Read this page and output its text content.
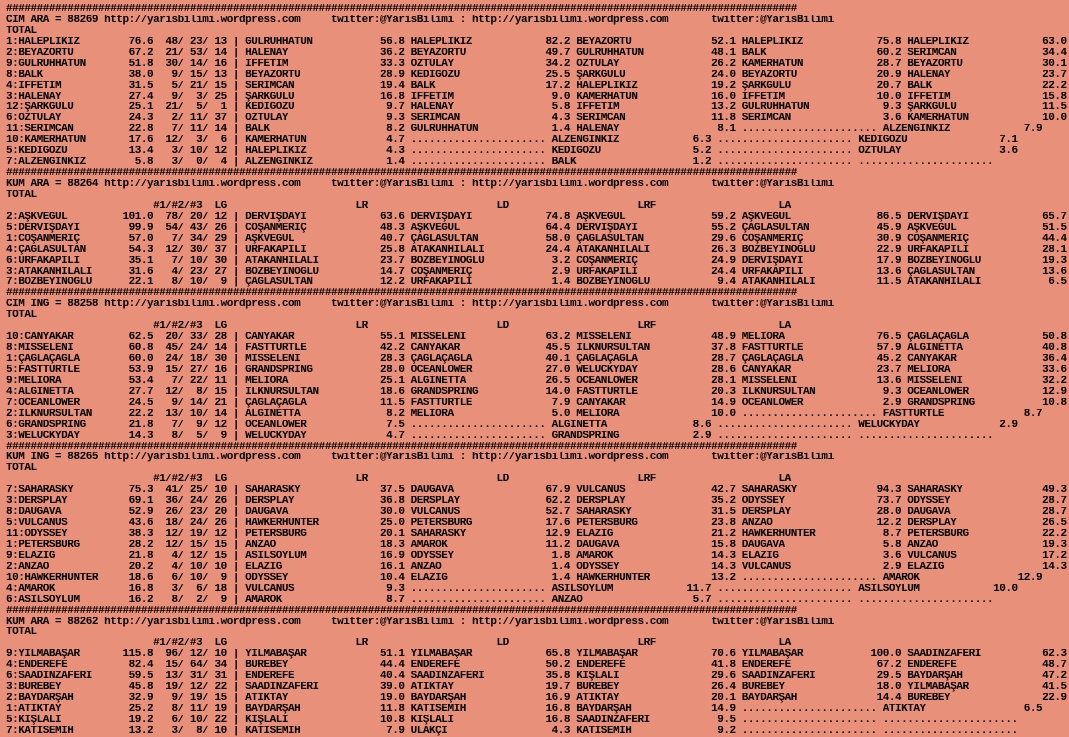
#################################################################################################################################
CIM ARA = 88269 http://yarisbilimi.wordpress.com     twitter:@YarisBilimi : http://yarisbilimi.wordpress.com       twitter:@YarisBilimi
TOTAL
1:HALEPLİKIZ        76.6  48/ 23/ 13 | GÜLRUHHATUN           56.8 HALEPLİKIZ            82.2 BEYAZÖRTÜ             52.1 HALEPLİKIZ            75.8 HALEPLİKIZ            63.0
2:BEYAZÖRTÜ         67.2  21/ 53/ 14 | HALENAY               36.2 BEYAZÖRTÜ             49.7 GÜLRUHHATUN           48.1 BALK                  60.2 SERİMCAN              34.4
9:GÜLRUHHATUN       51.8  30/ 14/ 16 | İFFETİM               33.3 ÖZTÜLAY               34.2 ÖZTÜLAY               26.2 KAMERHATUN            28.7 BEYAZÖRTÜ             30.1
8:BALK              38.0   9/ 15/ 13 | BEYAZÖRTÜ             28.9 KEDİGÖZÜ              25.5 ŞARKGÜLÜ              24.0 BEYAZÖRTÜ             20.9 HALENAY               23.7
4:İFFETİM           31.5   5/ 21/ 15 | SERİMCAN              19.4 BALK                  17.2 HALEPLİKIZ            19.2 ŞARKGÜLÜ              20.7 BALK                  22.2
3:HALENAY           27.4   9/  3/ 25 | ŞARKGÜLÜ              16.8 İFFETİM                9.0 KAMERHATUN            16.0 İFFETİM               10.0 İFFETİM               15.8
12:ŞARKGÜLÜ         25.1  21/  5/  1 | KEDİGÖZÜ               9.7 HALENAY                5.8 İFFETİM               13.2 GÜLRUHHATUN            9.3 ŞARKGÜLÜ              11.5
6:ÖZTÜLAY           24.3   2/ 11/ 37 | ÖZTÜLAY                9.3 SERİMCAN               4.3 SERİMCAN              11.8 SERİMCAN               3.6 KAMERHATUN            10.0
11:SERİMCAN         22.8   7/ 11/ 14 | BALK                   8.2 GÜLRUHHATUN            1.4 HALENAY                8.1 ...................... ALZENGİNKIZ            7.9
10:KAMERHATUN       17.6  12/  3/  6 | KAMERHATUN             4.7 ...................... ALZENGİNKIZ            6.3 ...................... KEDİGÖZÜ               7.1
5:KEDİGÖZÜ          13.4   3/ 10/ 12 | HALEPLİKIZ             4.3 ...................... KEDİGÖZÜ               5.2 ...................... ÖZTÜLAY                3.6
7:ALZENGİNKIZ        5.8   3/  0/  4 | ALZENGİNKIZ            1.4 ...................... BALK                   1.2 ...................... ......................
#################################################################################################################################
KUM ARA = 88264 http://yarisbilimi.wordpress.com     twitter:@YarisBilimi : http://yarisbilimi.wordpress.com       twitter:@YarisBilimi
TOTAL
#1/#2/#3  LG                     LR                     LD                     LRF                    LA
2:AŞKVEGÜL         101.0  78/ 20/ 12 | DERVİŞDAYI            63.6 DERVİŞDAYI            74.8 AŞKVEGÜL              59.2 AŞKVEGÜL              86.5 DERVİŞDAYI            65.7
5:DERVİŞDAYI        99.9  54/ 43/ 26 | COŞANMERİÇ            48.3 AŞKVEGÜL              64.4 DERVİŞDAYI            55.2 ÇAĞLASULTAN           45.9 AŞKVEGÜL              51.5
1:COŞANMERİÇ        57.0   7/ 34/ 29 | AŞKVEGÜL              40.7 ÇAĞLASULTAN           58.0 ÇAĞLASULTAN           29.6 COŞANMERİÇ            30.9 COŞANMERİÇ            44.4
4:ÇAĞLASULTAN       54.3  12/ 30/ 37 | URFAKAPILI            25.8 ATAKANHİLALİ          24.4 ATAKANHİLALİ          26.3 BOZBEYİNOĞLU          22.9 URFAKAPILI            28.1
6:URFAKAPILI        35.1   7/ 10/ 30 | ATAKANHİLALİ          23.7 BOZBEYİNOĞLU           3.2 COŞANMERİÇ            24.9 DERVİŞDAYI            17.9 BOZBEYİNOĞLU          19.3
3:ATAKANHİLALİ      31.6   4/ 23/ 27 | BOZBEYİNOĞLU          14.7 COŞANMERİÇ             2.9 URFAKAPILI            24.4 URFAKAPILI            13.6 ÇAĞLASULTAN           13.6
7:BOZBEYİNOĞLU      22.1   8/ 10/  9 | ÇAĞLASULTAN           12.2 URFAKAPILI             1.4 BOZBEYİNOĞLU           9.4 ATAKANHİLALİ          11.5 ATAKANHİLALİ           6.5
#################################################################################################################################
CIM ING = 88258 http://yarisbilimi.wordpress.com     twitter:@YarisBilimi : http://yarisbilimi.wordpress.com       twitter:@YarisBilimi
TOTAL
#1/#2/#3  LG                     LR                     LD                     LRF                    LA
10:CANYAKAR         62.5  20/ 33/ 28 | CANYAKAR              55.1 MISSELENI             63.2 MISSELENI             48.9 MELIORA               76.5 ÇAĞLAÇAĞLA            50.8
8:MISSELENI         60.8  45/ 24/ 14 | FASTTURTLE            42.2 CANYAKAR              45.5 İLKNURSULTAN          37.8 FASTTURTLE            57.9 ALGINETTA             40.8
1:ÇAĞLAÇAĞLA        60.0  24/ 18/ 30 | MISSELENI             28.3 ÇAĞLAÇAĞLA            40.1 ÇAĞLAÇAĞLA            28.7 ÇAĞLAÇAĞLA            45.2 CANYAKAR              36.4
5:FASTTURTLE        53.9  15/ 27/ 16 | GRANDSPRING           28.0 OCEANLOWER            27.0 WELUCKYDAY            28.6 CANYAKAR              23.7 MELIORA               33.6
9:MELIORA           53.4   7/ 22/ 11 | MELIORA               25.1 ALGINETTA             26.5 OCEANLOWER            28.1 MISSELENI             13.6 MISSELENI             32.2
4:ALGINETTA         27.7  12/  8/ 15 | İLKNURSULTAN          18.6 GRANDSPRING           14.0 FASTTURTLE            20.3 İLKNURSULTAN           9.3 OCEANLOWER            12.9
7:OCEANLOWER        24.5   9/ 14/ 21 | ÇAĞLAÇAĞLA            11.5 FASTTURTLE             7.9 CANYAKAR              14.9 OCEANLOWER             2.9 GRANDSPRING           10.8
2:İLKNURSULTAN      22.2  13/ 10/ 14 | ALGINETTA              8.2 MELIORA                5.0 MELIORA               10.0 ...................... FASTTURTLE             8.7
6:GRANDSPRING       21.8   7/  9/ 12 | OCEANLOWER             7.5 ...................... ALGINETTA              8.6 ...................... WELUCKYDAY             2.9
3:WELUCKYDAY        14.3   8/  5/  9 | WELUCKYDAY             4.7 ...................... GRANDSPRING            2.9 ...................... ......................
#################################################################################################################################
KUM ING = 88265 http://yarisbilimi.wordpress.com     twitter:@YarisBilimi : http://yarisbilimi.wordpress.com       twitter:@YarisBilimi
TOTAL
#1/#2/#3  LG                     LR                     LD                     LRF                    LA
7:SAHARASKY         75.3  41/ 25/ 10 | SAHARASKY             37.5 DAUGAVA               67.9 VULCANUS              42.7 SAHARASKY             94.3 SAHARASKY             49.3
3:DERSPLAY          69.1  36/ 24/ 26 | DERSPLAY              36.8 DERSPLAY              62.2 DERSPLAY              35.2 ODYSSEY               73.7 ODYSSEY               28.7
8:DAUGAVA           52.9  26/ 23/ 20 | DAUGAVA               30.0 VULCANUS              52.7 SAHARASKY             31.5 DERSPLAY              28.0 DAUGAVA               28.7
5:VULCANUS          43.6  18/ 24/ 26 | HAWKERHUNTER          25.0 PETERSBURG            17.6 PETERSBURG            23.8 ANZAO                 12.2 DERSPLAY              26.5
11:ODYSSEY          38.3  12/ 19/ 12 | PETERSBURG            20.1 SAHARASKY             12.9 ELAZIĞ                21.2 HAWKERHUNTER           8.7 PETERSBURG            22.2
1:PETERSBURG        28.2  12/ 15/ 15 | ANZAO                 18.3 AMAROK                11.2 DAUGAVA               15.8 DAUGAVA                5.8 ANZAO                 19.3
9:ELAZIĞ            21.8   4/ 12/ 15 | ASİLSOYLUM            16.9 ODYSSEY                1.8 AMAROK                14.3 ELAZIĞ                 3.6 VULCANUS              17.2
2:ANZAO             20.2   4/ 10/ 10 | ELAZIĞ                16.1 ANZAO                  1.4 ODYSSEY               14.3 VULCANUS               2.9 ELAZIĞ                14.3
10:HAWKERHUNTER     18.6   6/ 10/  9 | ODYSSEY               10.4 ELAZIĞ                 1.4 HAWKERHUNTER          13.2 ...................... AMAROK                12.9
4:AMAROK            16.8   3/  6/ 18 | VULCANUS               9.3 ...................... ASİLSOYLUM            11.7 ...................... ASİLSOYLUM            10.0
6:ASİLSOYLUM        16.2   8/  2/  9 | AMAROK                 8.7 ...................... ANZAO                  5.7 ...................... ......................
#################################################################################################################################
KUM ARA = 88262 http://yarisbilimi.wordpress.com     twitter:@YarisBilimi : http://yarisbilimi.wordpress.com       twitter:@YarisBilimi
TOTAL
#1/#2/#3  LG                     LR                     LD                     LRF                    LA
9:YILMABAŞAR       115.8  96/ 12/ 10 | YILMABAŞAR            51.1 YILMABAŞAR            65.8 YILMABAŞAR            70.6 YILMABAŞAR           100.0 SAADİNZAFERİ          62.3
4:ENDEREFE          82.4  15/ 64/ 34 | BÜREBEY               44.4 ENDEREFE              50.2 ENDEREFE              41.8 ENDEREFE              67.2 ENDEREFE              48.7
6:SAADİNZAFERİ      59.5  13/ 31/ 31 | ENDEREFE              40.4 SAADİNZAFERİ          35.8 KIŞLALI               29.6 SAADİNZAFERİ          29.5 BAYDARŞAH             47.2
3:BÜREBEY           45.8  19/ 12/ 22 | SAADİNZAFERİ          39.0 ATİKTAY               19.7 BÜREBEY               26.4 BÜREBEY               18.0 YILMABAŞAR            41.5
2:BAYDARŞAH         32.9   9/ 19/ 15 | ATİKTAY               19.0 BAYDARŞAH             16.9 ATİKTAY               20.1 BAYDARŞAH             14.4 BÜREBEY               22.9
1:ATİKTAY           25.2   8/ 11/ 19 | BAYDARŞAH             11.8 KATİSEMİH             16.8 BAYDARŞAH             14.9 ...................... ATİKTAY                6.5
5:KIŞLALI           19.2   6/ 10/ 22 | KIŞLALI               10.8 KIŞLALI               16.8 SAADİNZAFERİ           9.5 ...................... ......................
7:KATİSEMİH         13.2   3/  8/ 10 | KATİSEMİH              7.9 ULAKÇI                 4.3 KATİSEMİH              9.2 ...................... ......................
